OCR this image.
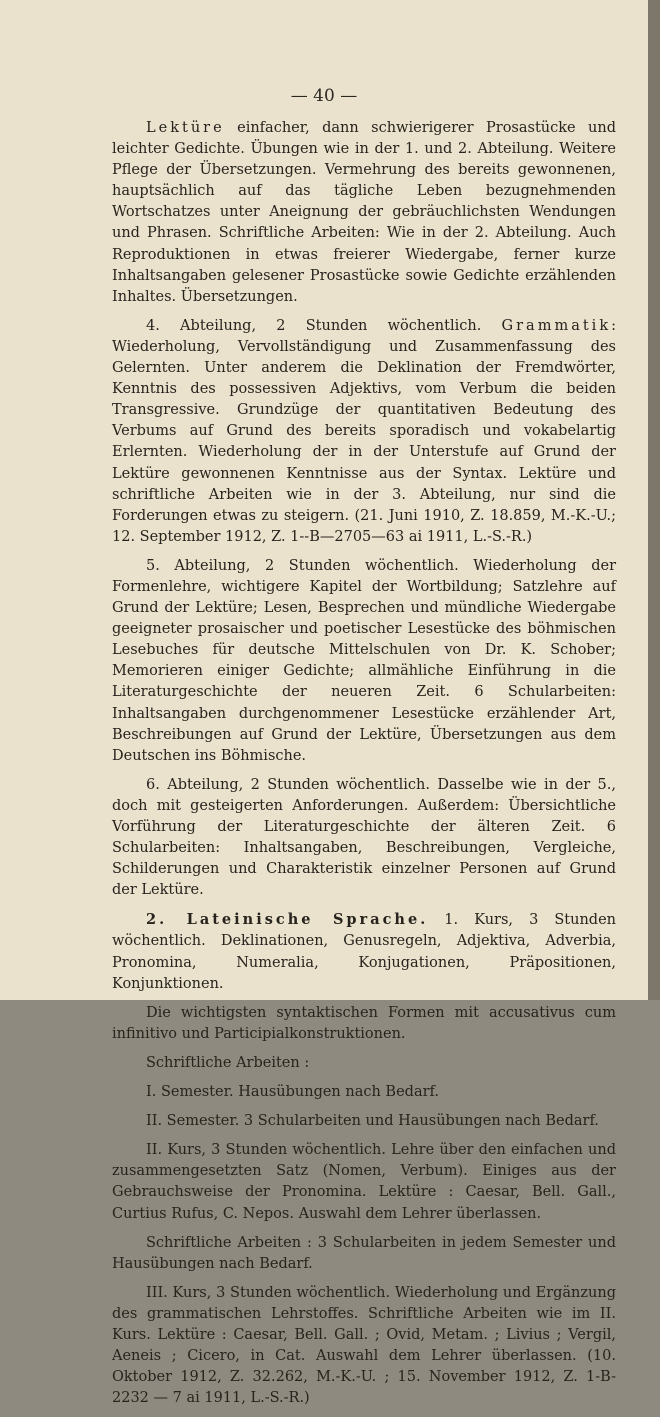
— 40 —

Lektüre einfacher, dann schwierigerer Prosastücke und leichter Gedichte. Übungen wie in der 1. und 2. Abteilung. Weitere Pflege der Übersetzungen. Vermehrung des bereits gewonnenen, hauptsächlich auf das tägliche Leben bezugnehmenden Wortschatzes unter Aneignung der gebräuchlichsten Wendungen und Phrasen. Schriftliche Arbeiten: Wie in der 2. Abteilung. Auch Reproduktionen in etwas freierer Wiedergabe, ferner kurze Inhaltsangaben gelesener Prosastücke sowie Gedichte erzählenden Inhaltes. Übersetzungen.

4. Abteilung, 2 Stunden wöchentlich. Grammatik: Wiederholung, Vervollständigung und Zusammenfassung des Gelernten. Unter anderem die Deklination der Fremdwörter, Kenntnis des possessiven Adjektivs, vom Verbum die beiden Transgressive. Grundzüge der quantitativen Bedeutung des Verbums auf Grund des bereits sporadisch und vokabelartig Erlernten. Wiederholung der in der Unterstufe auf Grund der Lektüre gewonnenen Kenntnisse aus der Syntax. Lektüre und schriftliche Arbeiten wie in der 3. Abteilung, nur sind die Forderungen etwas zu steigern. (21. Juni 1910, Z. 18.859, M.-K.-U.; 12. September 1912, Z. 1--B—2705—63 ai 1911, L.-S.-R.)

5. Abteilung, 2 Stunden wöchentlich. Wiederholung der Formenlehre, wichtigere Kapitel der Wortbildung; Satzlehre auf Grund der Lektüre; Lesen, Besprechen und mündliche Wiedergabe geeigneter prosaischer und poetischer Lesestücke des böhmischen Lesebuches für deutsche Mittelschulen von Dr. K. Schober; Memorieren einiger Gedichte; allmähliche Einführung in die Literaturgeschichte der neueren Zeit. 6 Schularbeiten: Inhaltsangaben durchgenommener Lesestücke erzählender Art, Beschreibungen auf Grund der Lektüre, Übersetzungen aus dem Deutschen ins Böhmische.

6. Abteilung, 2 Stunden wöchentlich. Dasselbe wie in der 5., doch mit gesteigerten Anforderungen. Außerdem: Übersichtliche Vorführung der Literaturgeschichte der älteren Zeit. 6 Schularbeiten: Inhaltsangaben, Beschreibungen, Vergleiche, Schilderungen und Charakteristik einzelner Personen auf Grund der Lektüre.

2. Lateinische Sprache. 1. Kurs, 3 Stunden wöchentlich. Deklinationen, Genusregeln, Adjektiva, Adverbia, Pronomina, Numeralia, Konjugationen, Präpositionen, Konjunktionen.

Die wichtigsten syntaktischen Formen mit accusativus cum infinitivo und Participialkonstruktionen.

Schriftliche Arbeiten :

I. Semester. Hausübungen nach Bedarf.

II. Semester. 3 Schularbeiten und Hausübungen nach Bedarf.

II. Kurs, 3 Stunden wöchentlich. Lehre über den einfachen und zusammengesetzten Satz (Nomen, Verbum). Einiges aus der Gebrauchsweise der Pronomina. Lektüre : Caesar, Bell. Gall., Curtius Rufus, C. Nepos. Auswahl dem Lehrer überlassen.

Schriftliche Arbeiten : 3 Schularbeiten in jedem Semester und Hausübungen nach Bedarf.

III. Kurs, 3 Stunden wöchentlich. Wiederholung und Ergänzung des grammatischen Lehrstoffes. Schriftliche Arbeiten wie im II. Kurs. Lektüre : Caesar, Bell. Gall. ; Ovid, Metam. ; Livius ; Vergil, Aeneis ; Cicero, in Cat. Auswahl dem Lehrer überlassen. (10. Oktober 1912, Z. 32.262, M.-K.-U. ; 15. November 1912, Z. 1-B-2232 — 7 ai 1911, L.-S.-R.)
